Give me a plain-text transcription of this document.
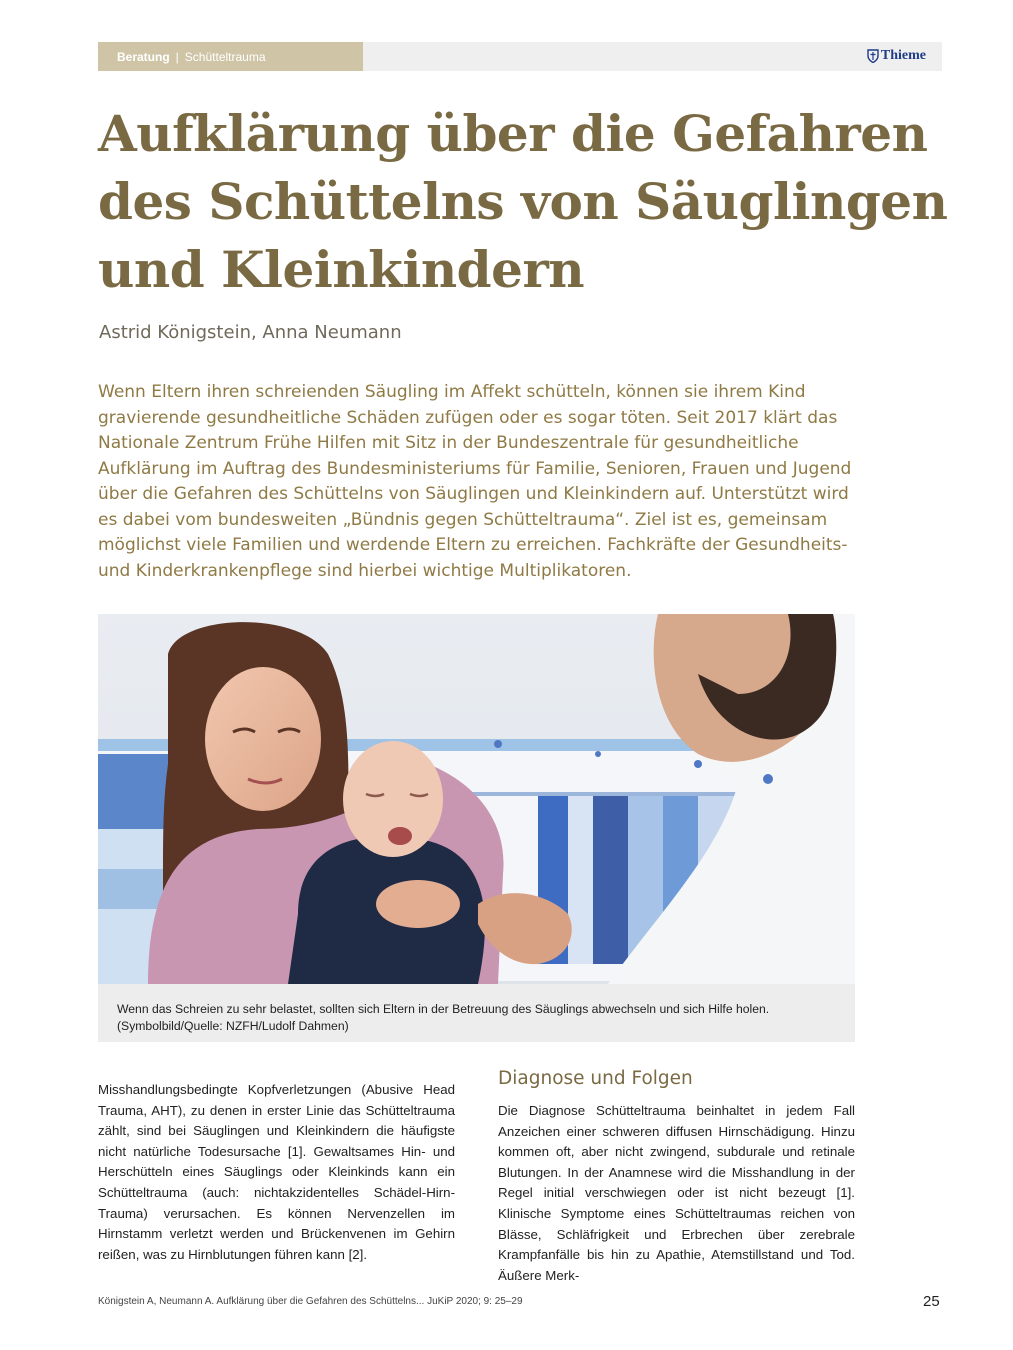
Beratung | Schütteltrauma	Thieme
Aufklärung über die Gefahren des Schüttelns von Säuglingen und Kleinkindern
Astrid Königstein, Anna Neumann

Wenn Eltern ihren schreienden Säugling im Affekt schütteln, können sie ihrem Kind gravierende gesundheitliche Schäden zufügen oder es sogar töten. Seit 2017 klärt das Nationale Zentrum Frühe Hilfen mit Sitz in der Bundeszentrale für gesundheitliche Aufklärung im Auftrag des Bundesministeriums für Familie, Senioren, Frauen und Jugend über die Gefahren des Schüttelns von Säuglingen und Kleinkindern auf. Unterstützt wird es dabei vom bundesweiten „Bündnis gegen Schütteltrauma“. Ziel ist es, gemeinsam möglichst viele Familien und werdende Eltern zu erreichen. Fachkräfte der Gesundheits- und Kinderkrankenpflege sind hierbei wichtige Multiplikatoren.

Wenn das Schreien zu sehr belastet, sollten sich Eltern in der Betreuung des Säuglings abwechseln und sich Hilfe holen. (Symbolbild/Quelle: NZFH/Ludolf Dahmen)

Misshandlungsbedingte Kopfverletzungen (Abusive Head Trauma, AHT), zu denen in erster Linie das Schütteltrauma zählt, sind bei Säuglingen und Kleinkindern die häufigste nicht natürliche Todesursache [1]. Gewaltsames Hin- und Herschütteln eines Säuglings oder Kleinkinds kann ein Schütteltrauma (auch: nichtakzidentelles Schädel-Hirn-Trauma) verursachen. Es können Nervenzellen im Hirnstamm verletzt werden und Brückenvenen im Gehirn reißen, was zu Hirnblutungen führen kann [2].

Diagnose und Folgen

Die Diagnose Schütteltrauma beinhaltet in jedem Fall Anzeichen einer schweren diffusen Hirnschädigung. Hinzu kommen oft, aber nicht zwingend, subdurale und retinale Blutungen. In der Anamnese wird die Misshandlung in der Regel initial verschwiegen oder ist nicht bezeugt [1]. Klinische Symptome eines Schütteltraumas reichen von Blässe, Schläfrigkeit und Erbrechen über zerebrale Krampfanfälle bis hin zu Apathie, Atemstillstand und Tod. Äußere Merk-

Königstein A, Neumann A. Aufklärung über die Gefahren des Schüttelns... JuKiP 2020; 9: 25–29	25
